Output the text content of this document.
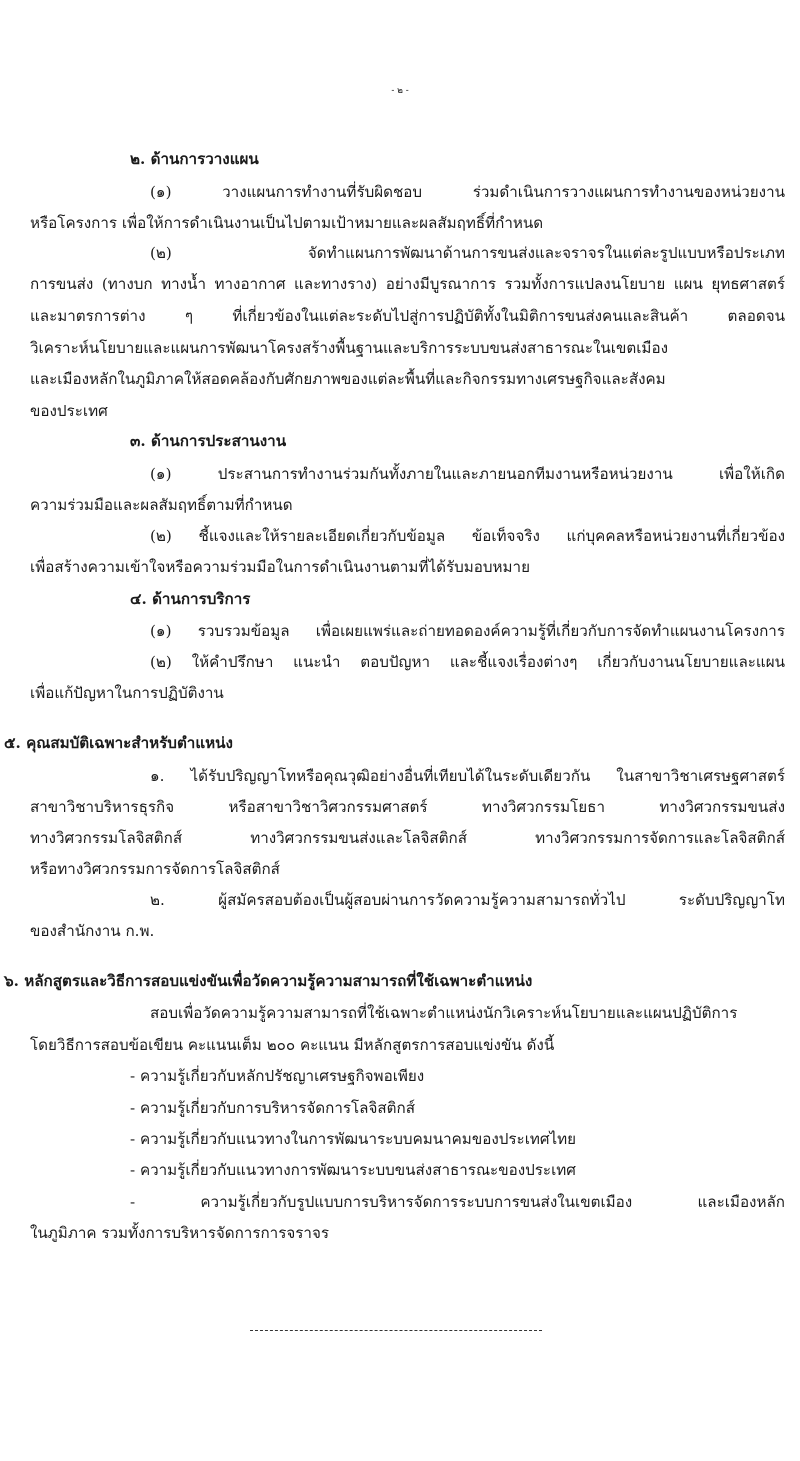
- ๒ -
๒. ด้านการวางแผน
(๑) วางแผนการทำงานที่รับผิดชอบ ร่วมดำเนินการวางแผนการทำงานของหน่วยงาน
หรือโครงการ เพื่อให้การดำเนินงานเป็นไปตามเป้าหมายและผลสัมฤทธิ์ที่กำหนด
(๒) จัดทำแผนการพัฒนาด้านการขนส่งและจราจรในแต่ละรูปแบบหรือประเภท
การขนส่ง (ทางบก ทางน้ำ ทางอากาศ และทางราง) อย่างมีบูรณาการ รวมทั้งการแปลงนโยบาย แผน ยุทธศาสตร์
และมาตรการต่าง ๆ ที่เกี่ยวข้องในแต่ละระดับไปสู่การปฏิบัติทั้งในมิติการขนส่งคนและสินค้า ตลอดจน
วิเคราะห์นโยบายและแผนการพัฒนาโครงสร้างพื้นฐานและบริการระบบขนส่งสาธารณะในเขตเมือง
และเมืองหลักในภูมิภาคให้สอดคล้องกับศักยภาพของแต่ละพื้นที่และกิจกรรมทางเศรษฐกิจและสังคม
ของประเทศ
๓. ด้านการประสานงาน
(๑) ประสานการทำงานร่วมกันทั้งภายในและภายนอกทีมงานหรือหน่วยงาน เพื่อให้เกิด
ความร่วมมือและผลสัมฤทธิ์ตามที่กำหนด
(๒) ชี้แจงและให้รายละเอียดเกี่ยวกับข้อมูล ข้อเท็จจริง แก่บุคคลหรือหน่วยงานที่เกี่ยวข้อง
เพื่อสร้างความเข้าใจหรือความร่วมมือในการดำเนินงานตามที่ได้รับมอบหมาย
๔. ด้านการบริการ
(๑) รวบรวมข้อมูล เพื่อเผยแพร่และถ่ายทอดองค์ความรู้ที่เกี่ยวกับการจัดทำแผนงานโครงการ
(๒) ให้คำปรึกษา แนะนำ ตอบปัญหา และชี้แจงเรื่องต่างๆ เกี่ยวกับงานนโยบายและแผน
เพื่อแก้ปัญหาในการปฏิบัติงาน
๕. คุณสมบัติเฉพาะสำหรับตำแหน่ง
๑. ได้รับปริญญาโทหรือคุณวุฒิอย่างอื่นที่เทียบได้ในระดับเดียวกัน ในสาขาวิชาเศรษฐศาสตร์
สาขาวิชาบริหารธุรกิจ หรือสาขาวิชาวิศวกรรมศาสตร์ ทางวิศวกรรมโยธา ทางวิศวกรรมขนส่ง
ทางวิศวกรรมโลจิสติกส์ ทางวิศวกรรมขนส่งและโลจิสติกส์ ทางวิศวกรรมการจัดการและโลจิสติกส์
หรือทางวิศวกรรมการจัดการโลจิสติกส์
๒. ผู้สมัครสอบต้องเป็นผู้สอบผ่านการวัดความรู้ความสามารถทั่วไป ระดับปริญญาโท
ของสำนักงาน ก.พ.
๖. หลักสูตรและวิธีการสอบแข่งขันเพื่อวัดความรู้ความสามารถที่ใช้เฉพาะตำแหน่ง
สอบเพื่อวัดความรู้ความสามารถที่ใช้เฉพาะตำแหน่งนักวิเคราะห์นโยบายและแผนปฏิบัติการ
โดยวิธีการสอบข้อเขียน คะแนนเต็ม ๒๐๐ คะแนน มีหลักสูตรการสอบแข่งขัน ดังนี้
- ความรู้เกี่ยวกับหลักปรัชญาเศรษฐกิจพอเพียง
- ความรู้เกี่ยวกับการบริหารจัดการโลจิสติกส์
- ความรู้เกี่ยวกับแนวทางในการพัฒนาระบบคมนาคมของประเทศไทย
- ความรู้เกี่ยวกับแนวทางการพัฒนาระบบขนส่งสาธารณะของประเทศ
- ความรู้เกี่ยวกับรูปแบบการบริหารจัดการระบบการขนส่งในเขตเมือง และเมืองหลัก
ในภูมิภาค รวมทั้งการบริหารจัดการการจราจร
